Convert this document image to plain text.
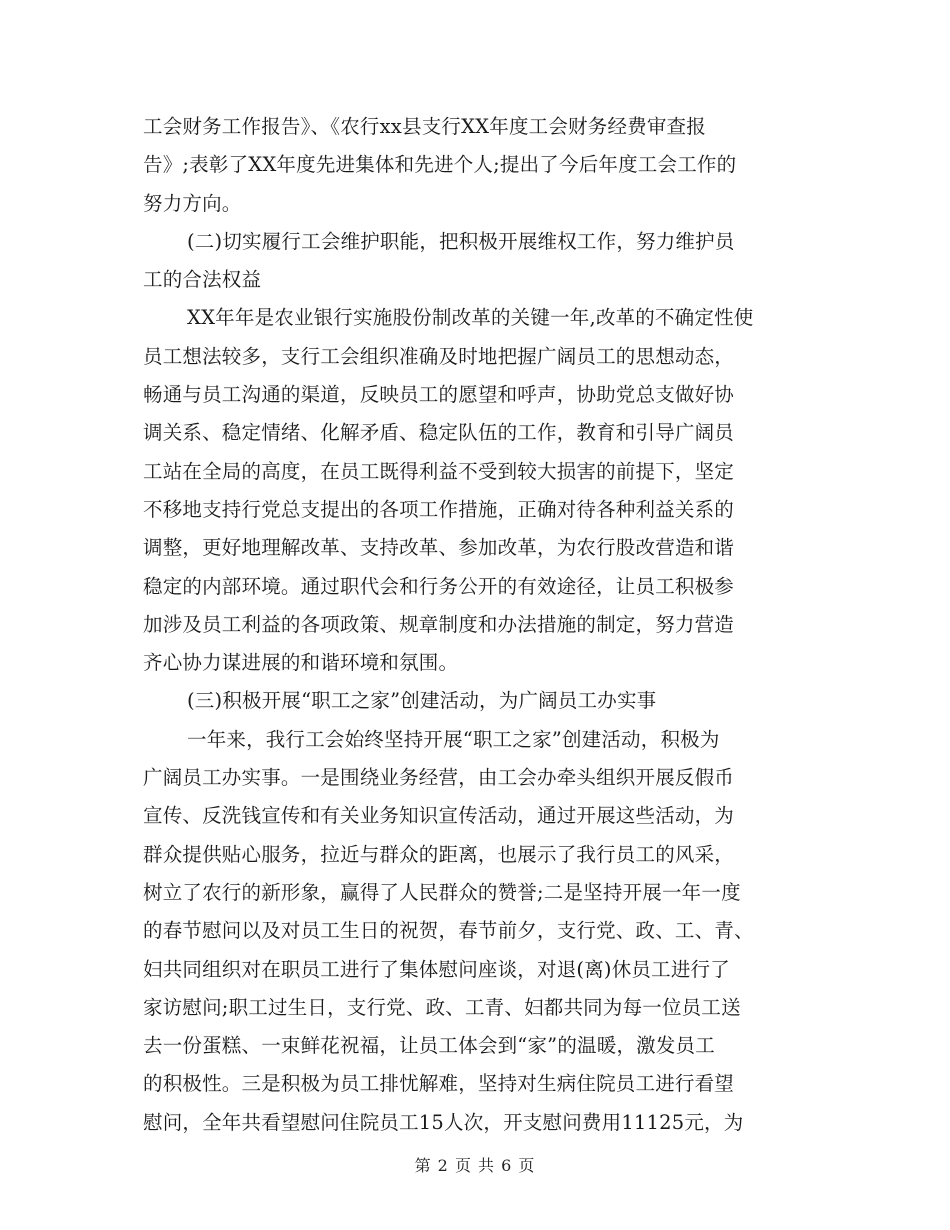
工会财务工作报告》、《农行xx县支行XX年度工会财务经费审查报
告》;表彰了XX年度先进集体和先进个人;提出了今后年度工会工作的
努力方向。
(二)切实履行工会维护职能，把积极开展维权工作，努力维护员
工的合法权益
XX年年是农业银行实施股份制改革的关键一年,改革的不确定性使
员工想法较多，支行工会组织准确及时地把握广阔员工的思想动态，
畅通与员工沟通的渠道，反映员工的愿望和呼声，协助党总支做好协
调关系、稳定情绪、化解矛盾、稳定队伍的工作，教育和引导广阔员
工站在全局的高度，在员工既得利益不受到较大损害的前提下，坚定
不移地支持行党总支提出的各项工作措施，正确对待各种利益关系的
调整，更好地理解改革、支持改革、参加改革，为农行股改营造和谐
稳定的内部环境。通过职代会和行务公开的有效途径，让员工积极参
加涉及员工利益的各项政策、规章制度和办法措施的制定，努力营造
齐心协力谋进展的和谐环境和氛围。
(三)积极开展“职工之家”创建活动，为广阔员工办实事
一年来，我行工会始终坚持开展“职工之家”创建活动，积极为
广阔员工办实事。一是围绕业务经营，由工会办牵头组织开展反假币
宣传、反洗钱宣传和有关业务知识宣传活动，通过开展这些活动，为
群众提供贴心服务，拉近与群众的距离，也展示了我行员工的风采，
树立了农行的新形象，赢得了人民群众的赞誉;二是坚持开展一年一度
的春节慰问以及对员工生日的祝贺，春节前夕，支行党、政、工、青、
妇共同组织对在职员工进行了集体慰问座谈，对退(离)休员工进行了
家访慰问;职工过生日，支行党、政、工青、妇都共同为每一位员工送
去一份蛋糕、一束鲜花祝福，让员工体会到“家”的温暖，激发员工
的积极性。三是积极为员工排忧解难，坚持对生病住院员工进行看望
慰问，全年共看望慰问住院员工15人次，开支慰问费用11125元，为
第 2 页 共 6 页
